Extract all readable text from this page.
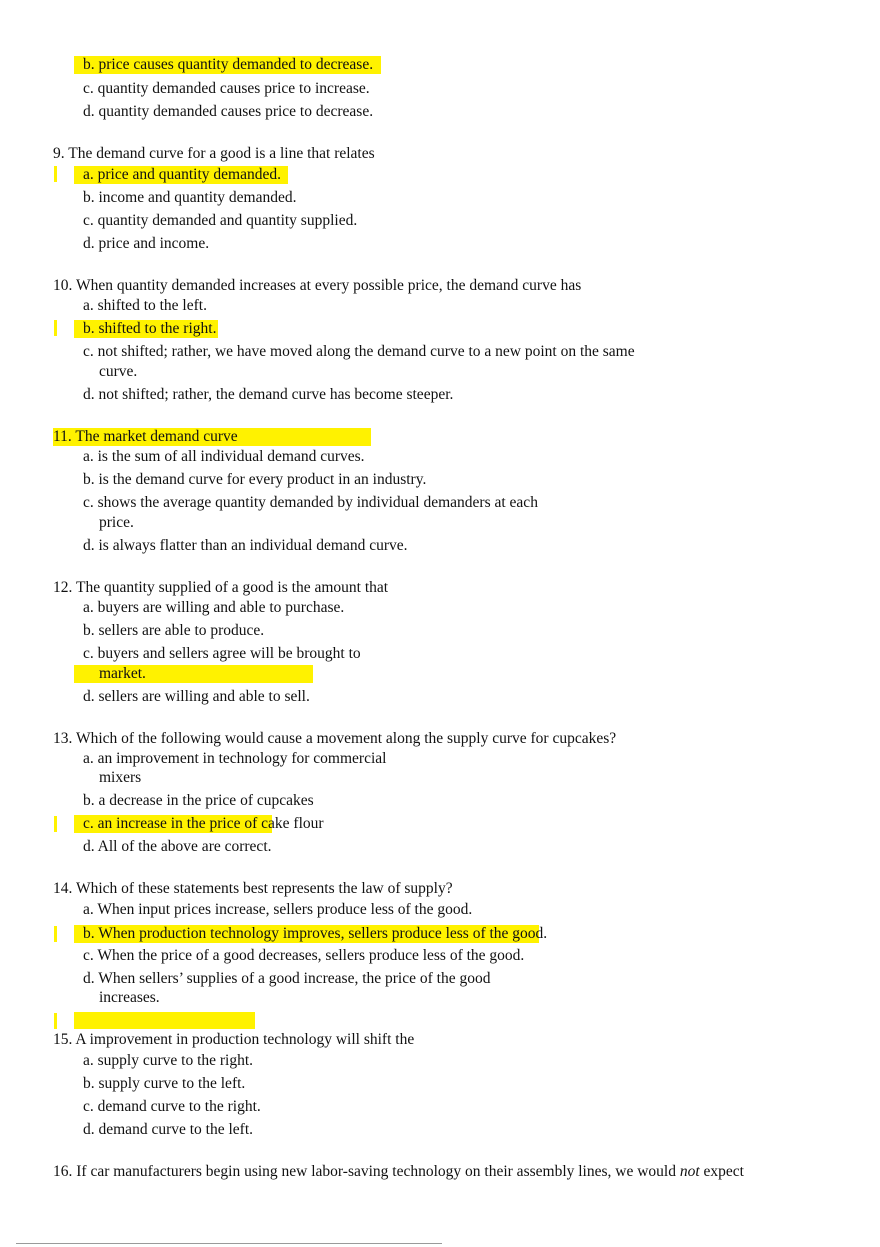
b. price causes quantity demanded to decrease.
c. quantity demanded causes price to increase.
d. quantity demanded causes price to decrease.
9. The demand curve for a good is a line that relates
a. price and quantity demanded.
b. income and quantity demanded.
c. quantity demanded and quantity supplied.
d. price and income.
10. When quantity demanded increases at every possible price, the demand curve has
a. shifted to the left.
b. shifted to the right.
c. not shifted; rather, we have moved along the demand curve to a new point on the same
curve.
d. not shifted; rather, the demand curve has become steeper.
11. The market demand curve
a. is the sum of all individual demand curves.
b. is the demand curve for every product in an industry.
c. shows the average quantity demanded by individual demanders at each
price.
d. is always flatter than an individual demand curve.
12. The quantity supplied of a good is the amount that
a. buyers are willing and able to purchase.
b. sellers are able to produce.
c. buyers and sellers agree will be brought to
market.
d. sellers are willing and able to sell.
13. Which of the following would cause a movement along the supply curve for cupcakes?
a. an improvement in technology for commercial
mixers
b. a decrease in the price of cupcakes
c. an increase in the price of cake flour
d. All of the above are correct.
14. Which of these statements best represents the law of supply?
a. When input prices increase, sellers produce less of the good.
b. When production technology improves, sellers produce less of the good.
c. When the price of a good decreases, sellers produce less of the good.
d. When sellers’ supplies of a good increase, the price of the good
increases.
15. A improvement in production technology will shift the
a. supply curve to the right.
b. supply curve to the left.
c. demand curve to the right.
d. demand curve to the left.
16. If car manufacturers begin using new labor-saving technology on their assembly lines, we would not expect
